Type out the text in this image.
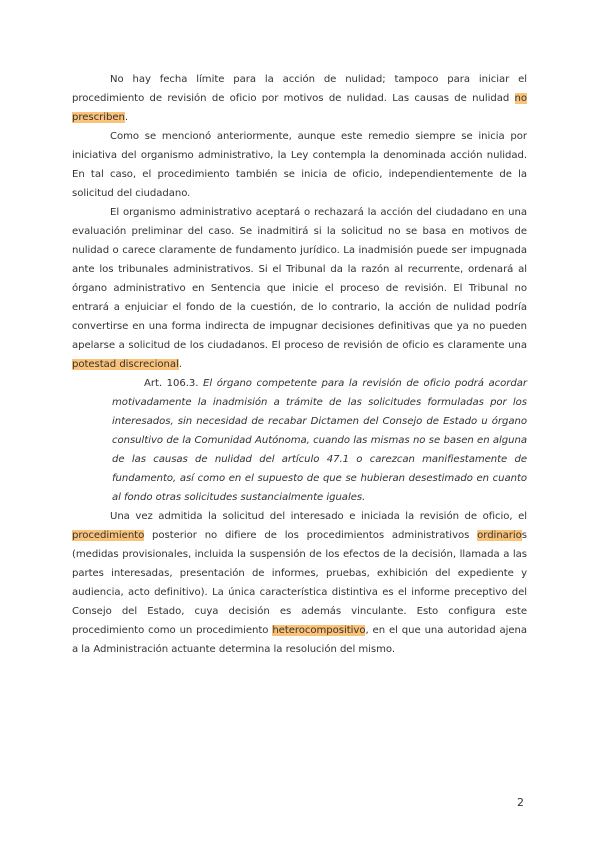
No hay fecha límite para la acción de nulidad; tampoco para iniciar el procedimiento de revisión de oficio por motivos de nulidad. Las causas de nulidad no prescriben.

Como se mencionó anteriormente, aunque este remedio siempre se inicia por iniciativa del organismo administrativo, la Ley contempla la denominada acción nulidad. En tal caso, el procedimiento también se inicia de oficio, independientemente de la solicitud del ciudadano.

El organismo administrativo aceptará o rechazará la acción del ciudadano en una evaluación preliminar del caso. Se inadmitirá si la solicitud no se basa en motivos de nulidad o carece claramente de fundamento jurídico. La inadmisión puede ser impugnada ante los tribunales administrativos. Si el Tribunal da la razón al recurrente, ordenará al órgano administrativo en Sentencia que inicie el proceso de revisión. El Tribunal no entrará a enjuiciar el fondo de la cuestión, de lo contrario, la acción de nulidad podría convertirse en una forma indirecta de impugnar decisiones definitivas que ya no pueden apelarse a solicitud de los ciudadanos. El proceso de revisión de oficio es claramente una potestad discrecional.

Art. 106.3. El órgano competente para la revisión de oficio podrá acordar motivadamente la inadmisión a trámite de las solicitudes formuladas por los interesados, sin necesidad de recabar Dictamen del Consejo de Estado u órgano consultivo de la Comunidad Autónoma, cuando las mismas no se basen en alguna de las causas de nulidad del artículo 47.1 o carezcan manifiestamente de fundamento, así como en el supuesto de que se hubieran desestimado en cuanto al fondo otras solicitudes sustancialmente iguales.

Una vez admitida la solicitud del interesado e iniciada la revisión de oficio, el procedimiento posterior no difiere de los procedimientos administrativos ordinarios (medidas provisionales, incluida la suspensión de los efectos de la decisión, llamada a las partes interesadas, presentación de informes, pruebas, exhibición del expediente y audiencia, acto definitivo). La única característica distintiva es el informe preceptivo del Consejo del Estado, cuya decisión es además vinculante. Esto configura este procedimiento como un procedimiento heterocompositivo, en el que una autoridad ajena a la Administración actuante determina la resolución del mismo.

2
